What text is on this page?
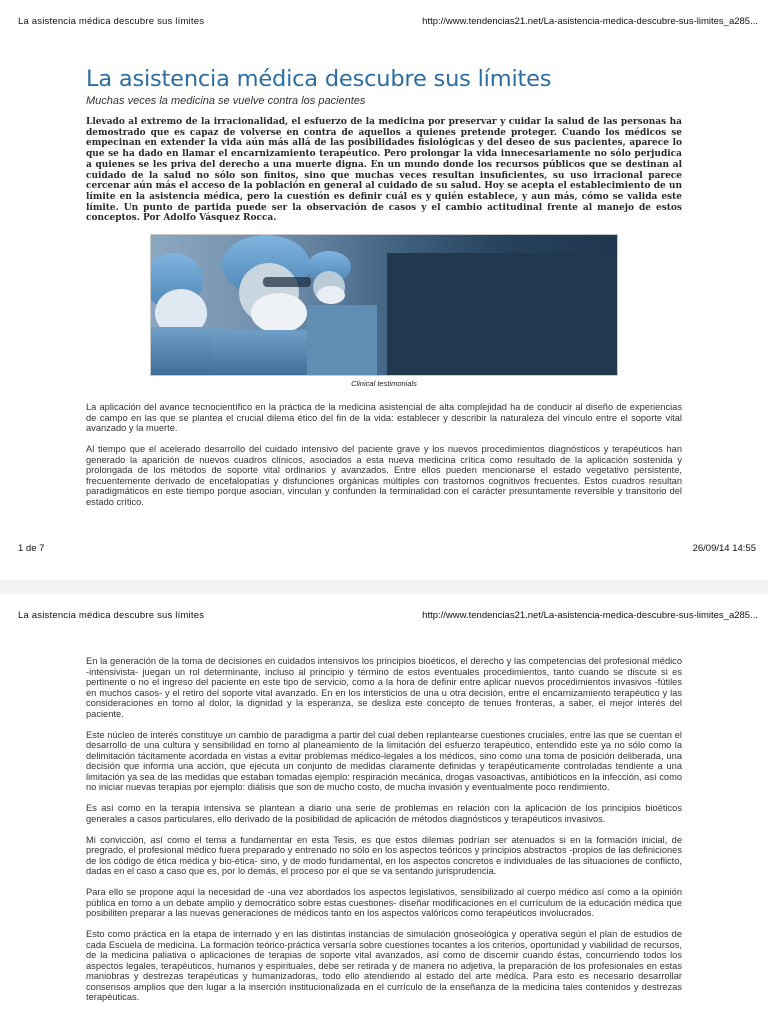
La asistencia médica descubre sus límites	http://www.tendencias21.net/La-asistencia-medica-descubre-sus-limites_a285...
La asistencia médica descubre sus límites
Muchas veces la medicina se vuelve contra los pacientes
Llevado al extremo de la irracionalidad, el esfuerzo de la medicina por preservar y cuidar la salud de las personas ha demostrado que es capaz de volverse en contra de aquellos a quienes pretende proteger. Cuando los médicos se empecinan en extender la vida aún más allá de las posibilidades fisiológicas y del deseo de sus pacientes, aparece lo que se ha dado en llamar el encarnizamiento terapéutico. Pero prolongar la vida innecesariamente no sólo perjudica a quienes se les priva del derecho a una muerte digna. En un mundo donde los recursos públicos que se destinan al cuidado de la salud no sólo son finitos, sino que muchas veces resultan insuficientes, su uso irracional parece cercenar aún más el acceso de la población en general al cuidado de su salud. Hoy se acepta el establecimiento de un límite en la asistencia médica, pero la cuestión es definir cuál es y quién establece, y aun más, cómo se valida este límite. Un punto de partida puede ser la observación de casos y el cambio actitudinal frente al manejo de estos conceptos. Por Adolfo Vásquez Rocca.
Clinical testimonials

La aplicación del avance tecnocientífico en la práctica de la medicina asistencial de alta complejidad ha de conducir al diseño de experiencias de campo en las que se plantea el crucial dilema ético del fin de la vida: establecer y describir la naturaleza del vínculo entre el soporte vital avanzado y la muerte.

Al tiempo que el acelerado desarrollo del cuidado intensivo del paciente grave y los nuevos procedimientos diagnósticos y terapéuticos han generado la aparición de nuevos cuadros clínicos, asociados a esta nueva medicina crítica como resultado de la aplicación sostenida y prolongada de los métodos de soporte vital ordinarios y avanzados. Entre ellos pueden mencionarse el estado vegetativo persistente, frecuentemente derivado de encefalopatías y disfunciones orgánicas múltiples con trastornos cognitivos frecuentes. Estos cuadros resultan paradigmáticos en este tiempo porque asocian, vinculan y confunden la terminalidad con el carácter presuntamente reversible y transitorio del estado crítico.

1 de 7	26/09/14 14:55
La asistencia médica descubre sus límites	http://www.tendencias21.net/La-asistencia-medica-descubre-sus-limites_a285...

En la generación de la toma de decisiones en cuidados intensivos los principios bioéticos, el derecho y las competencias del profesional médico -intensivista- juegan un rol determinante, incluso al principio y término de estos eventuales procedimientos, tanto cuando se discute si es pertinente o no el ingreso del paciente en este tipo de servicio, como a la hora de definir entre aplicar nuevos procedimientos invasivos -fútiles en muchos casos- y el retiro del soporte vital avanzado. En en los intersticios de una u otra decisión, entre el encarnizamiento terapéutico y las consideraciones en torno al dolor, la dignidad y la esperanza, se desliza este concepto de tenues fronteras, a saber, el mejor interés del paciente.

Este núcleo de interés constituye un cambio de paradigma a partir del cual deben replantearse cuestiones cruciales, entre las que se cuentan el desarrollo de una cultura y sensibilidad en torno al planeamiento de la limitación del esfuerzo terapéutico, entendido este ya no sólo como la delimitación tácitamente acordada en vistas a evitar problemas médico-legales a los médicos, sino como una toma de posición deliberada, una decisión que informa una acción, que ejecuta un conjunto de medidas claramente definidas y terapéuticamente controladas tendiente a una limitación ya sea de las medidas que estaban tomadas ejemplo: respiración mecánica, drogas vasoactivas, antibióticos en la infección, así como no iniciar nuevas terapias por ejemplo: diálisis que son de mucho costo, de mucha invasión y eventualmente poco rendimiento.

Es así como en la terapia intensiva se plantean a diario una serie de problemas en relación con la aplicación de los principios bioéticos generales a casos particulares, ello derivado de la posibilidad de aplicación de métodos diagnósticos y terapéuticos invasivos.

Mi convicción, así como el tema a fundamentar en esta Tesis, es que estos dilemas podrían ser atenuados si en la formación inicial, de pregrado, el profesional médico fuera preparado y entrenado no sólo en los aspectos teóricos y principios abstractos -propios de las definiciones de los código de ética médica y bio-ética- sino, y de modo fundamental, en los aspectos concretos e individuales de las situaciones de conflicto, dadas en el caso a caso que es, por lo demás, el proceso por el que se va sentando jurisprudencia.

Para ello se propone aquí la necesidad de -una vez abordados los aspectos legislativos, sensibilizado al cuerpo médico así como a la opinión pública en torno a un debate amplio y democrático sobre estas cuestiones- diseñar modificaciones en el currículum de la educación médica que posibiliten preparar a las nuevas generaciones de médicos tanto en los aspectos valóricos como terapéuticos involucrados.

Esto como práctica en la etapa de internado y en las distintas instancias de simulación gnoseológica y operativa según el plan de estudios de cada Escuela de medicina. La formación teórico-práctica versaría sobre cuestiones tocantes a los criterios, oportunidad y viabilidad de recursos, de la medicina paliativa o aplicaciones de terapias de soporte vital avanzados, así como de discernir cuando éstas, concurriendo todos los aspectos legales, terapéuticos, humanos y espirituales, debe ser retirada y de manera no adjetiva, la preparación de los profesionales en estas maniobras y destrezas terapéuticas y humanizadoras, todo ello atendiendo al estado del arte médica. Para esto es necesario desarrollar consensos amplios que den lugar a la inserción institucionalizada en el currículo de la enseñanza de la medicina tales contenidos y destrezas terapéuticas.
